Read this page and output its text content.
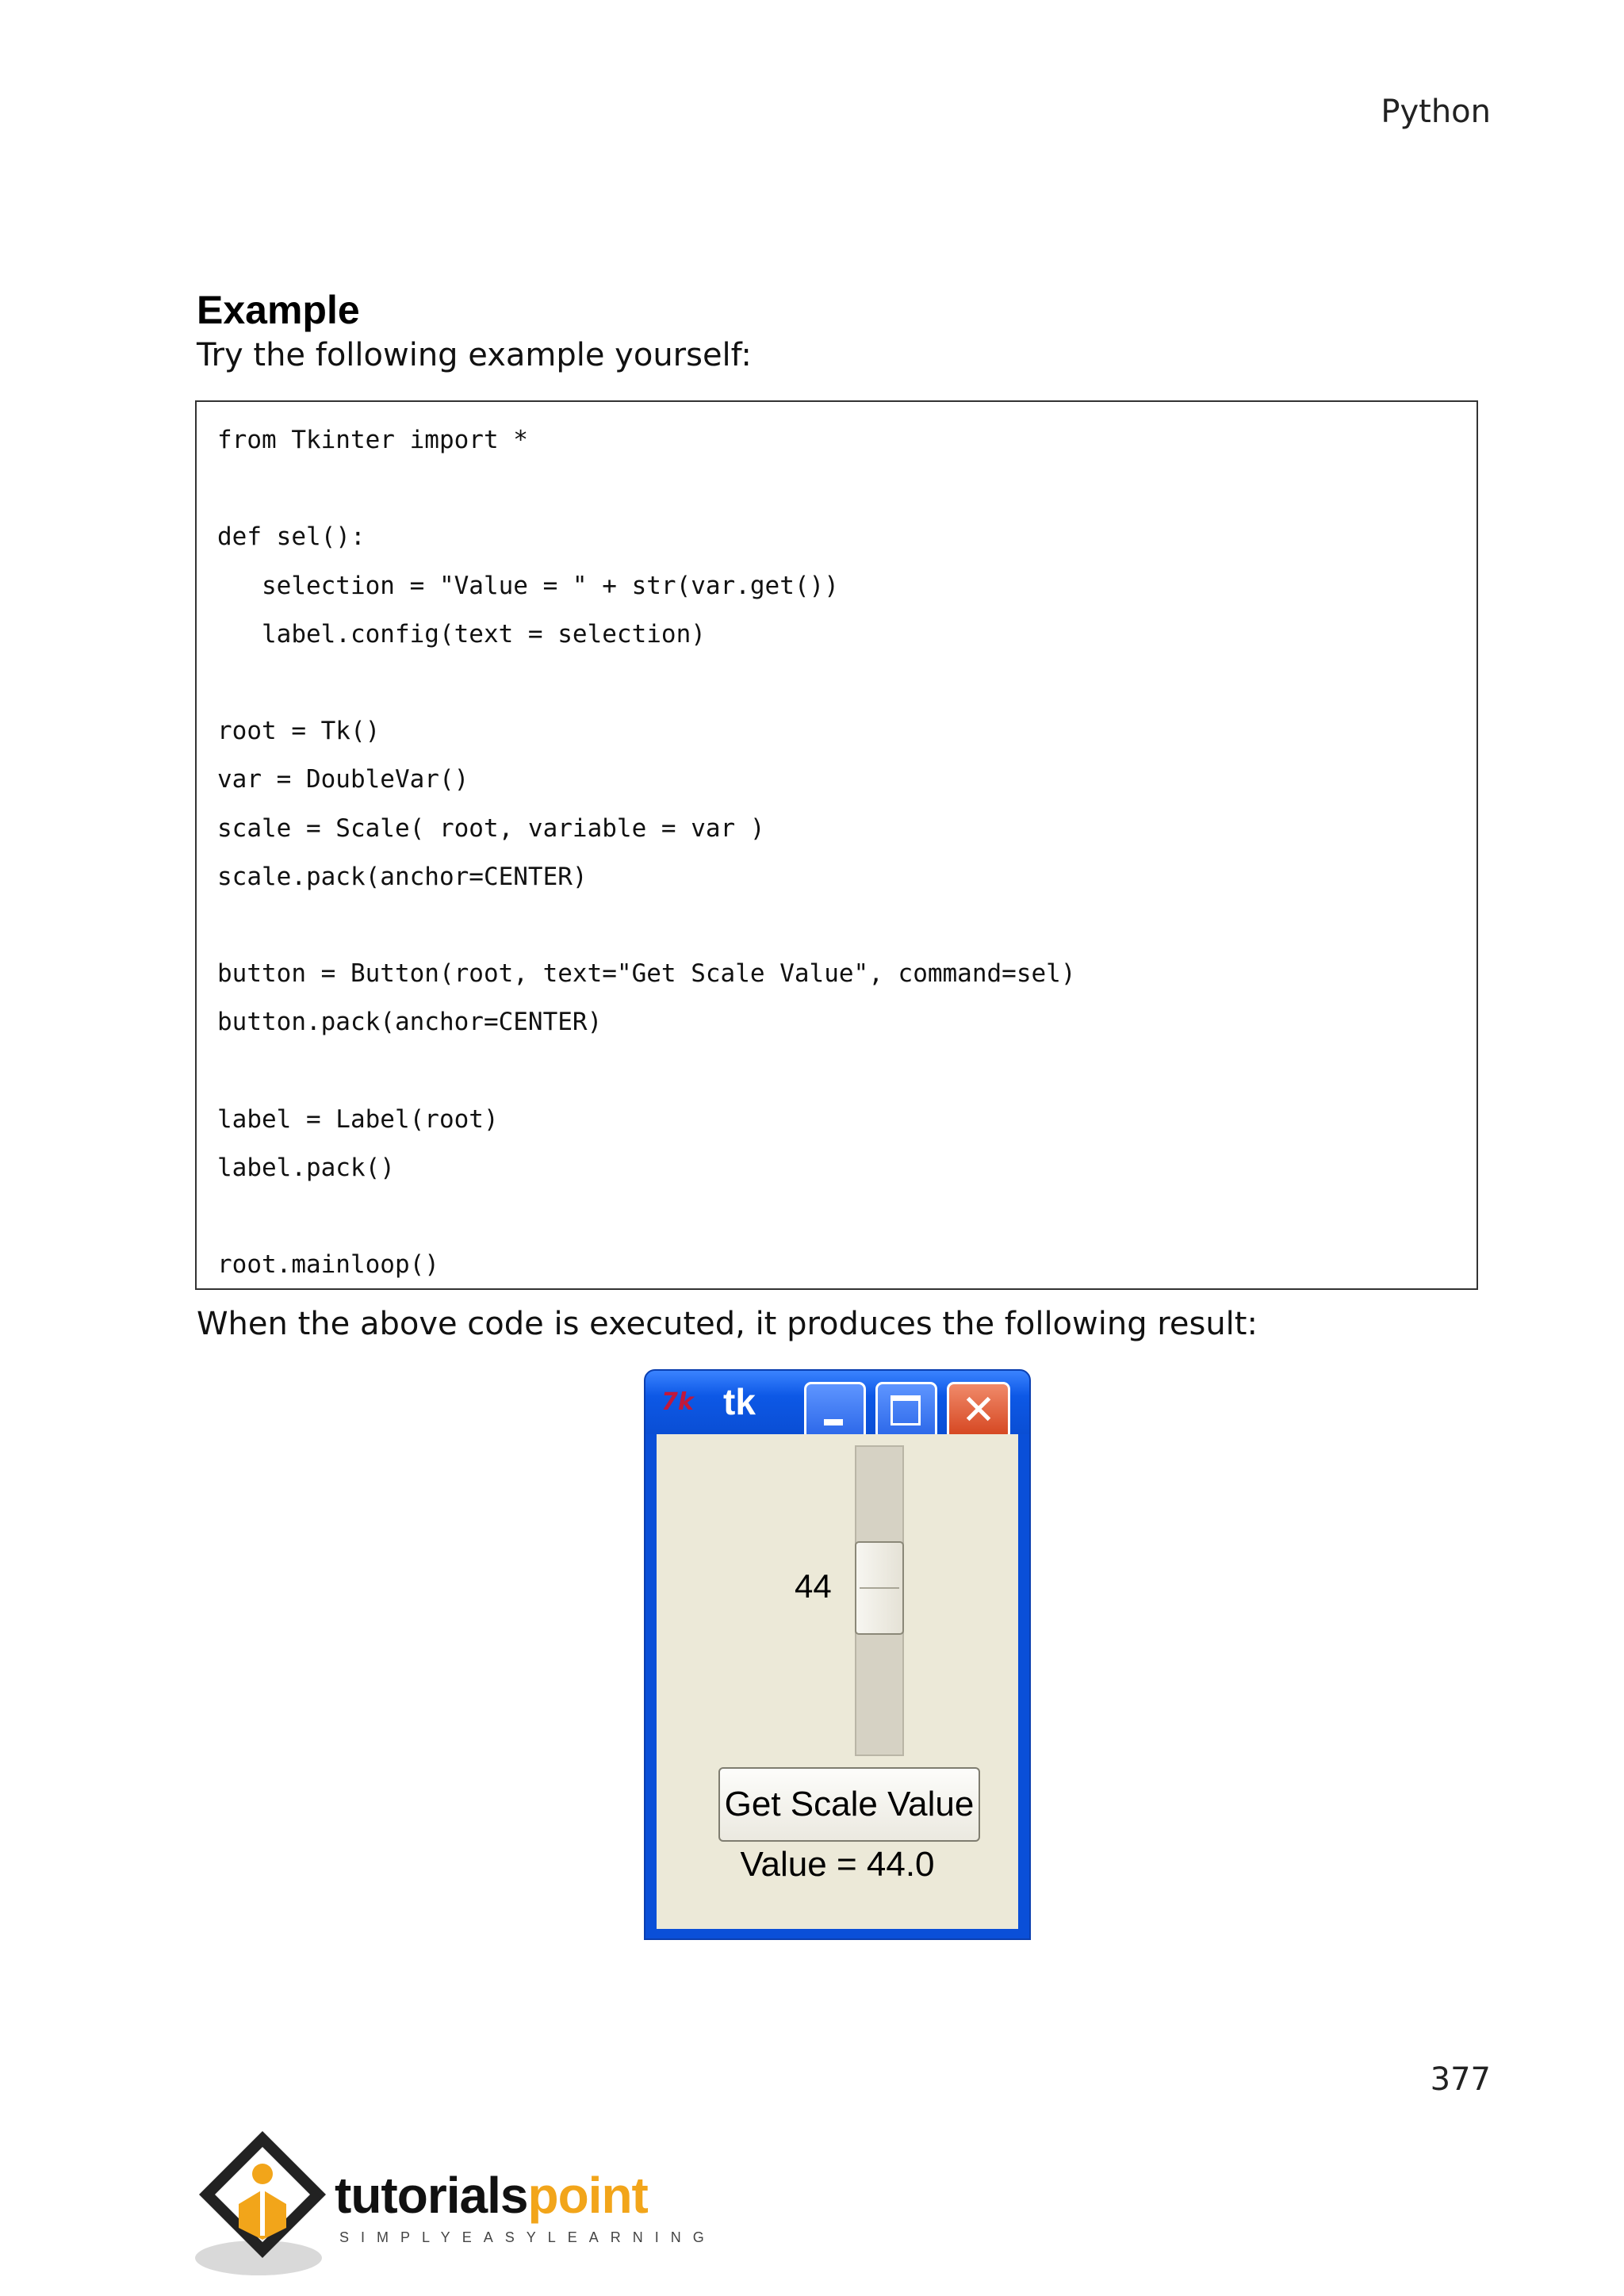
Python
Example

Try the following example yourself:

from Tkinter import *

def sel():
selection = "Value = " + str(var.get())
label.config(text = selection)

root = Tk()
var = DoubleVar()
scale = Scale( root, variable = var )
scale.pack(anchor=CENTER)

button = Button(root, text="Get Scale Value", command=sel)
button.pack(anchor=CENTER)

label = Label(root)
label.pack()

root.mainloop()

When the above code is executed, it produces the following result:

7k tk	✕
44
Get Scale Value
Value = 44.0
377
tutorialspoint
SIMPLYEASYLEARNING
